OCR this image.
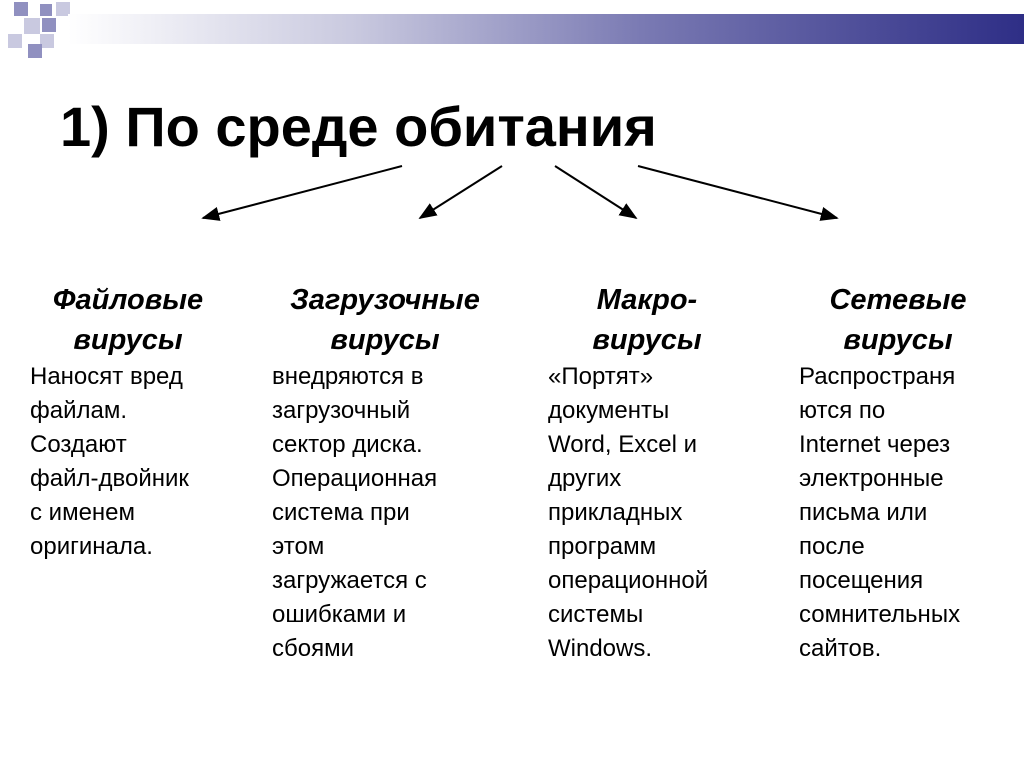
1) По среде обитания

Файловые
вирусы

Наносят вред
файлам.
Создают
файл-двойник
с именем
оригинала.

Загрузочные
вирусы

внедряются в
загрузочный
сектор диска.
Операционная
система при
этом
загружается с
ошибками и
сбоями

Макро-
вирусы

«Портят»
документы
Word, Excel и
других
прикладных
программ
операционной
системы
Windows.

Сетевые
вирусы

Распространя
ются по
Internet через
электронные
письма или
после
посещения
сомнительных
сайтов.
